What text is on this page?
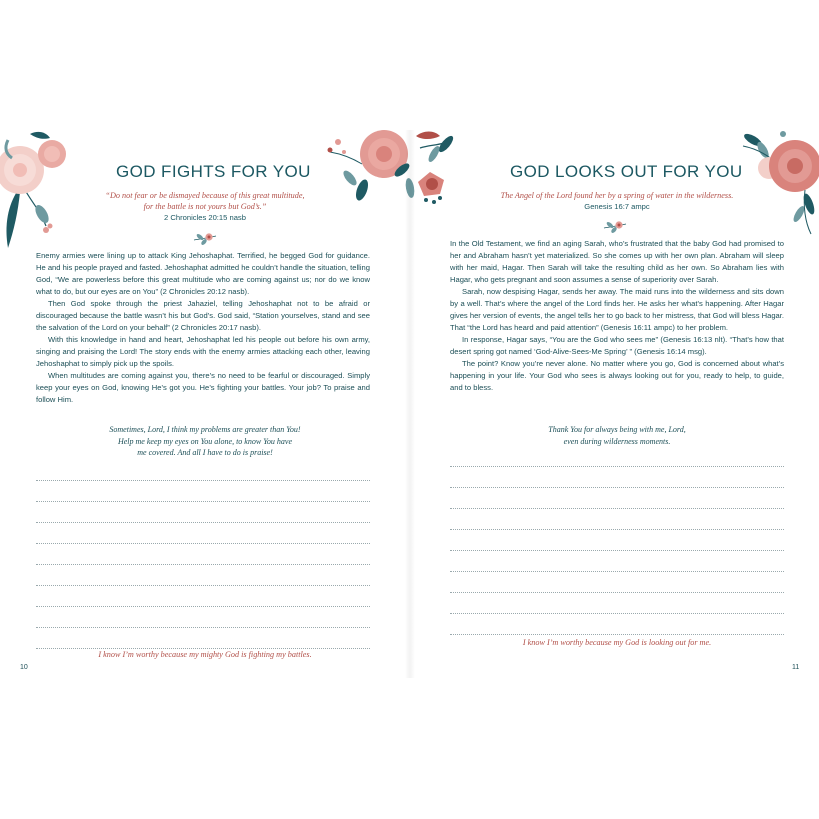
GOD FIGHTS FOR YOU
“Do not fear or be dismayed because of this great multitude,
for the battle is not yours but God’s.”
2 Chronicles 20:15 nasb

Enemy armies were lining up to attack King Jehoshaphat. Terrified, he begged God for guidance. He and his people prayed and fasted. Jehoshaphat admitted he couldn’t handle the situation, telling God, “We are powerless before this great multitude who are coming against us; nor do we know what to do, but our eyes are on You” (2 Chronicles 20:12 nasb).

Then God spoke through the priest Jahaziel, telling Jehoshaphat not to be afraid or discouraged because the battle wasn’t his but God’s. God said, “Station yourselves, stand and see the salvation of the Lord on your behalf” (2 Chronicles 20:17 nasb).

With this knowledge in hand and heart, Jehoshaphat led his people out before his own army, singing and praising the Lord! The story ends with the enemy armies attacking each other, leaving Jehoshaphat to simply pick up the spoils.

When multitudes are coming against you, there’s no need to be fearful or discouraged. Simply keep your eyes on God, knowing He’s got you. He’s fighting your battles. Your job? To praise and follow Him.

Sometimes, Lord, I think my problems are greater than You!
Help me keep my eyes on You alone, to know You have
me covered. And all I have to do is praise!

I know I’m worthy because my mighty God is fighting my battles.

10

GOD LOOKS OUT FOR YOU
The Angel of the Lord found her by a spring of water in the wilderness.
Genesis 16:7 ampc

In the Old Testament, we find an aging Sarah, who’s frustrated that the baby God had promised to her and Abraham hasn’t yet materialized. So she comes up with her own plan. Abraham will sleep with her maid, Hagar. Then Sarah will take the resulting child as her own. So Abraham lies with Hagar, who gets pregnant and soon assumes a sense of superiority over Sarah.

Sarah, now despising Hagar, sends her away. The maid runs into the wilderness and sits down by a well. That’s where the angel of the Lord finds her. He asks her what’s happening. After Hagar gives her version of events, the angel tells her to go back to her mistress, that God will bless Hagar. That “the Lord has heard and paid attention” (Genesis 16:11 ampc) to her problem.

In response, Hagar says, “You are the God who sees me” (Genesis 16:13 nlt). “That’s how that desert spring got named ‘God-Alive-Sees-Me Spring’ ” (Genesis 16:14 msg).

The point? Know you’re never alone. No matter where you go, God is concerned about what’s happening in your life. Your God who sees is always looking out for you, ready to help, to guide, and to bless.

Thank You for always being with me, Lord,
even during wilderness moments.

I know I’m worthy because my God is looking out for me.

11
